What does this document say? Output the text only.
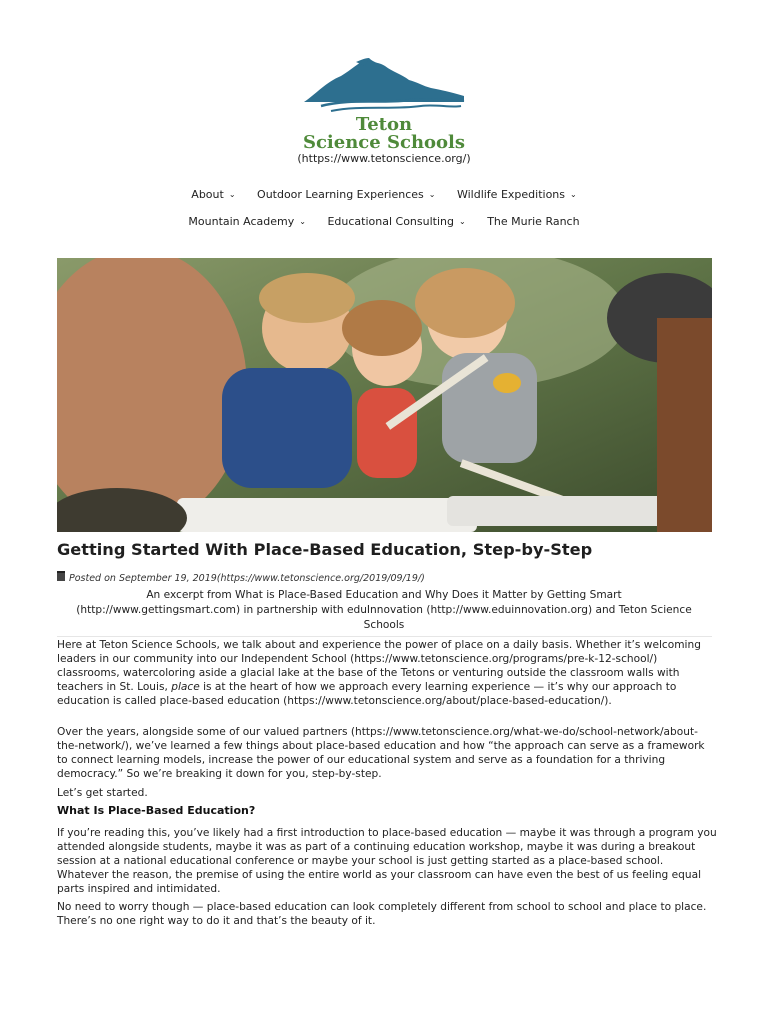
Teton
Science Schools
(https://www.tetonscience.org/)
About ⌄ Outdoor Learning Experiences ⌄ Wildlife Expeditions ⌄
Mountain Academy ⌄ Educational Consulting ⌄ The Murie Ranch
Getting Started With Place-Based Education, Step-by-Step
Posted on September 19, 2019(https://www.tetonscience.org/2019/09/19/)
An excerpt from What is Place-Based Education and Why Does it Matter by Getting Smart (http://www.gettingsmart.com) in partnership with eduInnovation (http://www.eduinnovation.org) and Teton Science Schools

Here at Teton Science Schools, we talk about and experience the power of place on a daily basis. Whether it’s welcoming leaders in our community into our Independent School (https://www.tetonscience.org/programs/pre-k-12-school/) classrooms, watercoloring aside a glacial lake at the base of the Tetons or venturing outside the classroom walls with teachers in St. Louis, place is at the heart of how we approach every learning experience — it’s why our approach to education is called place-based education (https://www.tetonscience.org/about/place-based-education/).

Over the years, alongside some of our valued partners (https://www.tetonscience.org/what-we-do/school-network/about-the-network/), we’ve learned a few things about place-based education and how “the approach can serve as a framework to connect learning models, increase the power of our educational system and serve as a foundation for a thriving democracy.” So we’re breaking it down for you, step-by-step.

Let’s get started.

What Is Place-Based Education?

If you’re reading this, you’ve likely had a first introduction to place-based education — maybe it was through a program you attended alongside students, maybe it was as part of a continuing education workshop, maybe it was during a breakout session at a national educational conference or maybe your school is just getting started as a place-based school. Whatever the reason, the premise of using the entire world as your classroom can have even the best of us feeling equal parts inspired and intimidated.

No need to worry though — place-based education can look completely different from school to school and place to place. There’s no one right way to do it and that’s the beauty of it.
